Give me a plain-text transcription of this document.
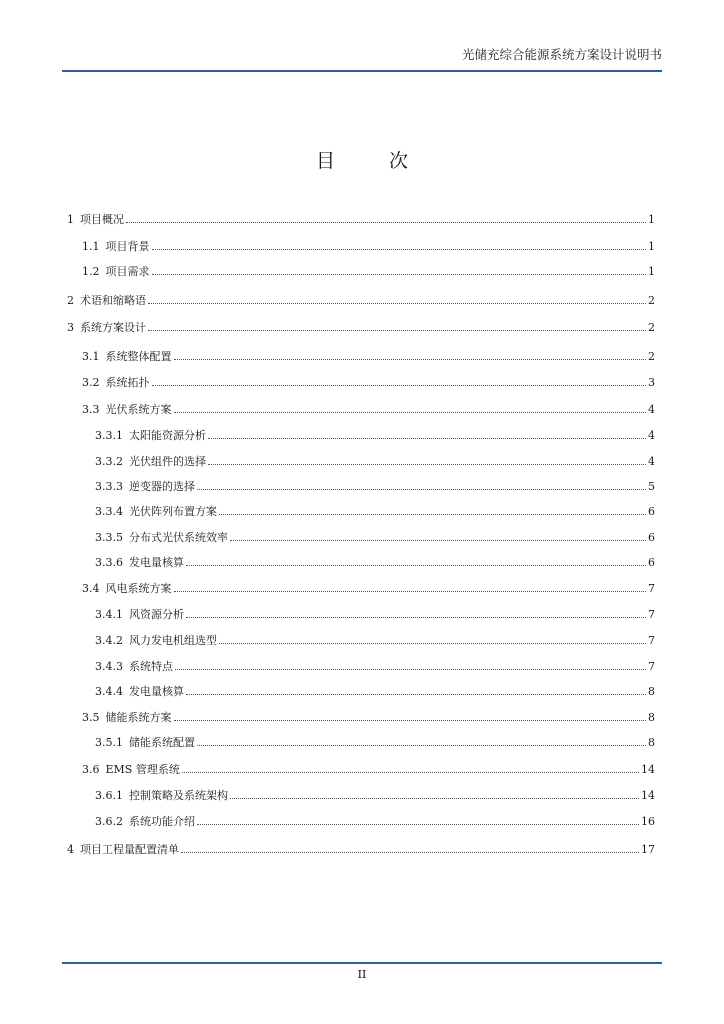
光储充综合能源系统方案设计说明书
目 次
1 项目概况	1
1.1 项目背景	1
1.2 项目需求	1
2 术语和缩略语	2
3 系统方案设计	2
3.1 系统整体配置	2
3.2 系统拓扑	3
3.3 光伏系统方案	4
3.3.1 太阳能资源分析	4
3.3.2 光伏组件的选择	4
3.3.3 逆变器的选择	5
3.3.4 光伏阵列布置方案	6
3.3.5 分布式光伏系统效率	6
3.3.6 发电量核算	6
3.4 风电系统方案	7
3.4.1 风资源分析	7
3.4.2 风力发电机组选型	7
3.4.3 系统特点	7
3.4.4 发电量核算	8
3.5 储能系统方案	8
3.5.1 储能系统配置	8
3.6 EMS 管理系统	14
3.6.1 控制策略及系统架构	14
3.6.2 系统功能介绍	16
4 项目工程量配置清单	17
II
